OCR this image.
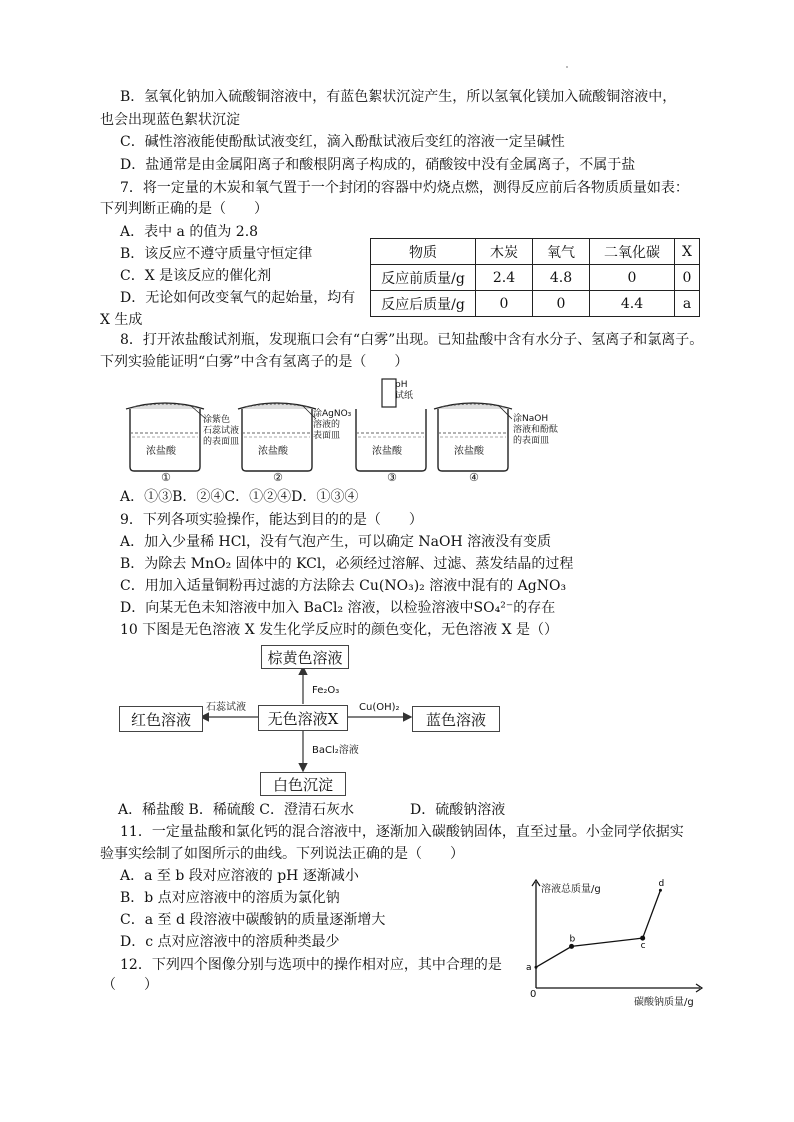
B．氢氧化钠加入硫酸铜溶液中，有蓝色絮状沉淀产生，所以氢氧化镁加入硫酸铜溶液中，
也会出现蓝色絮状沉淀
C．碱性溶液能使酚酞试液变红，滴入酚酞试液后变红的溶液一定呈碱性
D．盐通常是由金属阳离子和酸根阴离子构成的，硝酸铵中没有金属离子，不属于盐
7．将一定量的木炭和氧气置于一个封闭的容器中灼烧点燃，测得反应前后各物质质量如表：
下列判断正确的是（　　）
A．表中 a 的值为 2.8
B．该反应不遵守质量守恒定律
C．X 是该反应的催化剂
D．无论如何改变氧气的起始量，均有
X 生成
物质	木炭	氧气	二氧化碳	X
反应前质量/g	2.4	4.8	0	0
反应后质量/g	0	0	4.4	a
8．打开浓盐酸试剂瓶，发现瓶口会有“白雾”出现。已知盐酸中含有水分子、氢离子和氯离子。
下列实验能证明“白雾”中含有氢离子的是（　　）
pH
试纸
涂紫色
石蕊试液
的表面皿
涂AgNO₃
溶液的
表面皿
涂NaOH
溶液和酚酞
的表面皿
浓盐酸	浓盐酸	浓盐酸	浓盐酸
①	②	③	④
A．①③B．②④C．①②④D．①③④
9．下列各项实验操作，能达到目的的是（　　）
A．加入少量稀 HCl，没有气泡产生，可以确定 NaOH 溶液没有变质
B．为除去 MnO₂ 固体中的 KCl，必须经过溶解、过滤、蒸发结晶的过程
C．用加入适量铜粉再过滤的方法除去 Cu(NO₃)₂ 溶液中混有的 AgNO₃
D．向某无色未知溶液中加入 BaCl₂ 溶液，以检验溶液中SO₄²⁻的存在
10 下图是无色溶液 X 发生化学反应时的颜色变化，无色溶液 X 是（）
棕黄色溶液
红色溶液	无色溶液X	蓝色溶液
白色沉淀
Fe₂O₃
石蕊试液	Cu(OH)₂
BaCl₂溶液
A．稀盐酸 B．稀硫酸 C．澄清石灰水　　　　D．硫酸钠溶液
11．一定量盐酸和氯化钙的混合溶液中，逐渐加入碳酸钠固体，直至过量。小金同学依据实
验事实绘制了如图所示的曲线。下列说法正确的是（　　）
A．a 至 b 段对应溶液的 pH 逐渐减小
B．b 点对应溶液中的溶质为氯化钠
C．a 至 d 段溶液中碳酸钠的质量逐渐增大
D．c 点对应溶液中的溶质种类最少
12．下列四个图像分别与选项中的操作相对应，其中合理的是
（　　）
a
b
c
d
溶液总质量/g
碳酸钠质量/g
0
